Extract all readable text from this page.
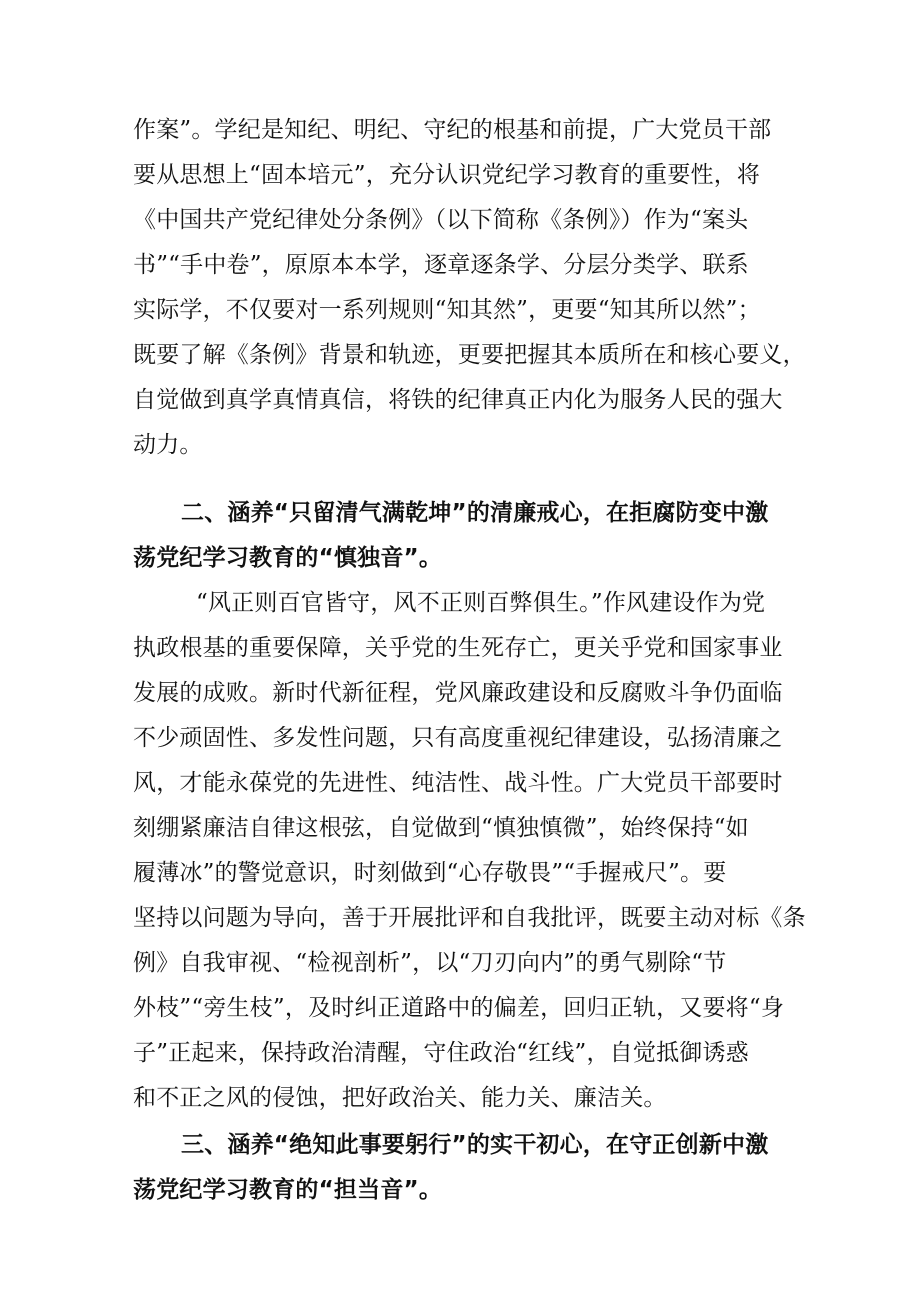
作案”。学纪是知纪、明纪、守纪的根基和前提，广大党员干部
要从思想上“固本培元”，充分认识党纪学习教育的重要性，将
《中国共产党纪律处分条例》（以下简称《条例》）作为“案头
书”“手中卷”，原原本本学，逐章逐条学、分层分类学、联系
实际学，不仅要对一系列规则“知其然”，更要“知其所以然”；
既要了解《条例》背景和轨迹，更要把握其本质所在和核心要义，
自觉做到真学真情真信，将铁的纪律真正内化为服务人民的强大
动力。
二、涵养“只留清气满乾坤”的清廉戒心，在拒腐防变中激
荡党纪学习教育的“慎独音”。
“风正则百官皆守，风不正则百弊俱生。”作风建设作为党
执政根基的重要保障，关乎党的生死存亡，更关乎党和国家事业
发展的成败。新时代新征程，党风廉政建设和反腐败斗争仍面临
不少顽固性、多发性问题，只有高度重视纪律建设，弘扬清廉之
风，才能永葆党的先进性、纯洁性、战斗性。广大党员干部要时
刻绷紧廉洁自律这根弦，自觉做到“慎独慎微”，始终保持“如
履薄冰”的警觉意识，时刻做到“心存敬畏”“手握戒尺”。要
坚持以问题为导向，善于开展批评和自我批评，既要主动对标《条
例》自我审视、“检视剖析”，以“刀刃向内”的勇气剔除“节
外枝”“旁生枝”，及时纠正道路中的偏差，回归正轨，又要将“身
子”正起来，保持政治清醒，守住政治“红线”，自觉抵御诱惑
和不正之风的侵蚀，把好政治关、能力关、廉洁关。
三、涵养“绝知此事要躬行”的实干初心，在守正创新中激
荡党纪学习教育的“担当音”。
